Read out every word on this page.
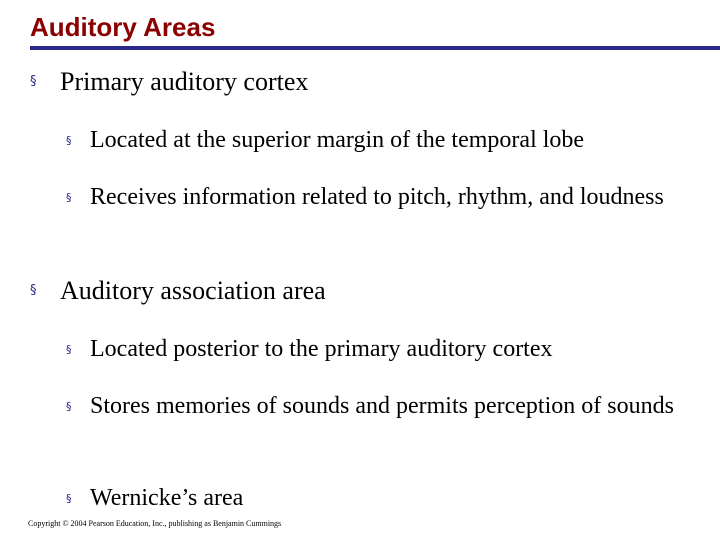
Auditory Areas
§ Primary auditory cortex
§ Located at the superior margin of the temporal lobe
§ Receives information related to pitch, rhythm, and loudness
§ Auditory association area
§ Located posterior to the primary auditory cortex
§ Stores memories of sounds and permits perception of sounds
§ Wernicke’s area
Copyright © 2004 Pearson Education, Inc., publishing as Benjamin Cummings
